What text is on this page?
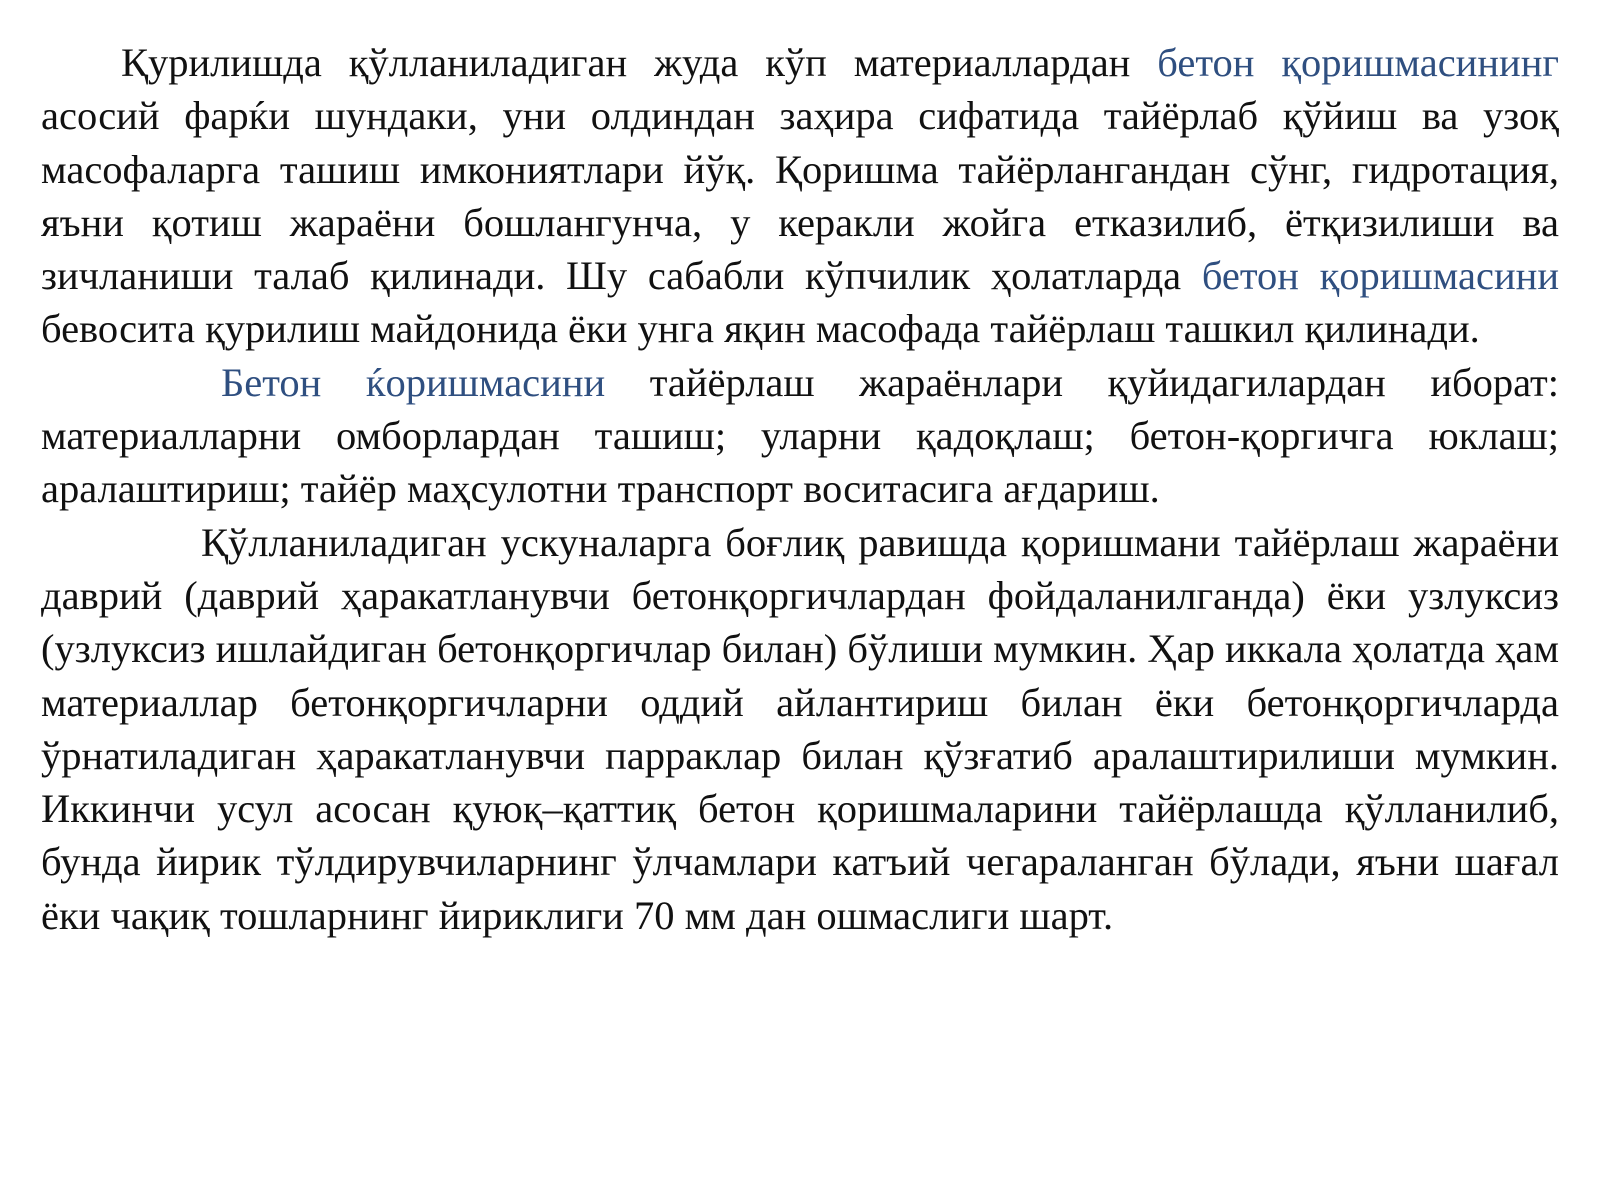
Қурилишда қўлланиладиган жуда кўп материаллардан бетон қоришмасининг асосий фарќи шундаки, уни олдиндан заҳира сифатида тайёрлаб қўйиш ва узоқ масофаларга ташиш имкониятлари йўқ. Қоришма тайёрлангандан сўнг, гидротация, яъни қотиш жараёни бошлангунча, у керакли жойга етказилиб, ётқизилиши ва зичланиши талаб қилинади. Шу сабабли кўпчилик ҳолатларда бетон қоришмасини бевосита қурилиш майдонида ёки унга яқин масофада тайёрлаш ташкил қилинади.

Бетон ќоришмасини тайёрлаш жараёнлари қуйидагилардан иборат: материалларни омборлардан ташиш; уларни қадоқлаш; бетон-қоргичга юклаш; аралаштириш; тайёр маҳсулотни транспорт воситасига ағдариш.

Қўлланиладиган ускуналарга боғлиқ равишда қоришмани тайёрлаш жараёни даврий (даврий ҳаракатланувчи бетонқоргичлардан фойдаланилганда) ёки узлуксиз (узлуксиз ишлайдиган бетонқоргичлар билан) бўлиши мумкин. Ҳар иккала ҳолатда ҳам материаллар бетонқоргичларни оддий айлантириш билан ёки бетонқоргичларда ўрнатиладиган ҳаракатланувчи парраклар билан қўзғатиб аралаштирилиши мумкин. Иккинчи усул асосан қуюқ–қаттиқ бетон қоришмаларини тайёрлашда қўлланилиб, бунда йирик тўлдирувчиларнинг ўлчамлари катъий чегараланган бўлади, яъни шағал ёки чақиқ тошларнинг йириклиги 70 мм дан ошмаслиги шарт.
